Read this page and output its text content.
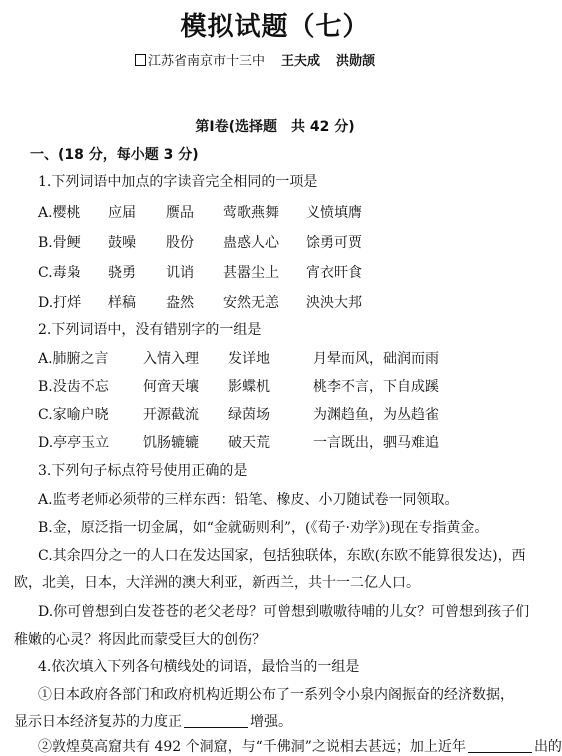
模拟试题（七）
江苏省南京市十三中 王夫成 洪勋颉
第Ⅰ卷(选择题　共 42 分)
一、(18 分，每小题 3 分)
1.下列词语中加点的字读音完全相同的一项是
A.樱桃 应届 赝品 莺歌燕舞 义愤填膺
B.骨鲠 鼓噪 股份 蛊惑人心 馀勇可贾
C.毒枭 骁勇 讥诮 甚嚣尘上 宵衣旰食
D.打烊 样稿 盎然 安然无恙 泱泱大邦
2.下列词语中，没有错别字的一组是
A.肺腑之言 入情入理 发详地	月晕而风，础润而雨
B.没齿不忘 何啻天壤 影蝶机	桃李不言，下自成蹊
C.家喻户晓 开源截流 绿茵场	为渊趋鱼，为丛趋雀
D.亭亭玉立 饥肠辘辘 破天荒	一言既出，驷马难追
3.下列句子标点符号使用正确的是
A.监考老师必须带的三样东西：铅笔、橡皮、小刀随试卷一同领取。
B.金，原泛指一切金属，如“金就砺则利”，(《荀子·劝学》)现在专指黄金。
C.其余四分之一的人口在发达国家，包括独联体，东欧(东欧不能算很发达)，西
欧，北美，日本，大洋洲的澳大利亚，新西兰，共十一二亿人口。
D.你可曾想到白发苍苍的老父老母？可曾想到嗷嗷待哺的儿女？可曾想到孩子们
稚嫩的心灵？将因此而蒙受巨大的创伤？
4.依次填入下列各句横线处的词语，最恰当的一组是
①日本政府各部门和政府机构近期公布了一系列令小泉内阁振奋的经济数据，
显示日本经济复苏的力度正	增强。
②敦煌莫高窟共有 492 个洞窟，与“千佛洞”之说相去甚远；加上近年	出的
